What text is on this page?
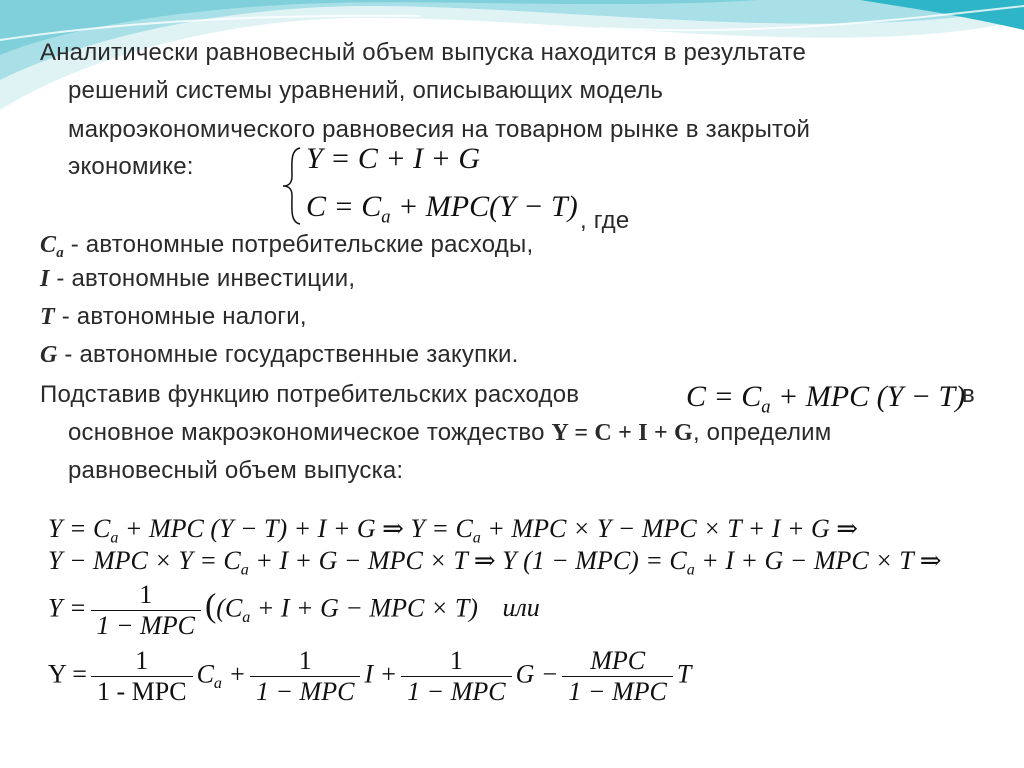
Аналитически равновесный объем выпуска находится в результате
решений системы уравнений, описывающих модель
макроэкономического равновесия на товарном рынке в закрытой
экономике:	Y = C + I + G
$C = C_a + MPC(Y - T)$ , где
$C_a$ - автономные потребительские расходы,
I - автономные инвестиции,
T - автономные налоги,
G - автономные государственные закупки.
Подставив функцию потребительских расходов	$C = C_a$ + MPC (Y − T)
в
основное макроэкономическое тождество Y = C + I + G, определим
равновесный объем выпуска:
$Y = C_a$ + MPC (Y − T) + I + G ⇒ $Y = C_a$ + MPC × Y − MPC × T + I + G ⇒
Y − MPC × $Y = C_a + I + G$ − MPC × T ⇒ Y $(1 - MPC) = C_a + I + G$ − MPC × T ⇒
$Y = \frac{1}{\text{1 − MPC}} ((C_a + I + G$ − MPC × T) или
$Y = \frac{1}{\text{1 - MPC}} C_a + \frac{1}{\text{1 − MPC}}$ $I + \frac{1}{\text{1 − MPC}}$ $G - \frac{\text{MPC}}{\text{1 − MPC}}$ T
